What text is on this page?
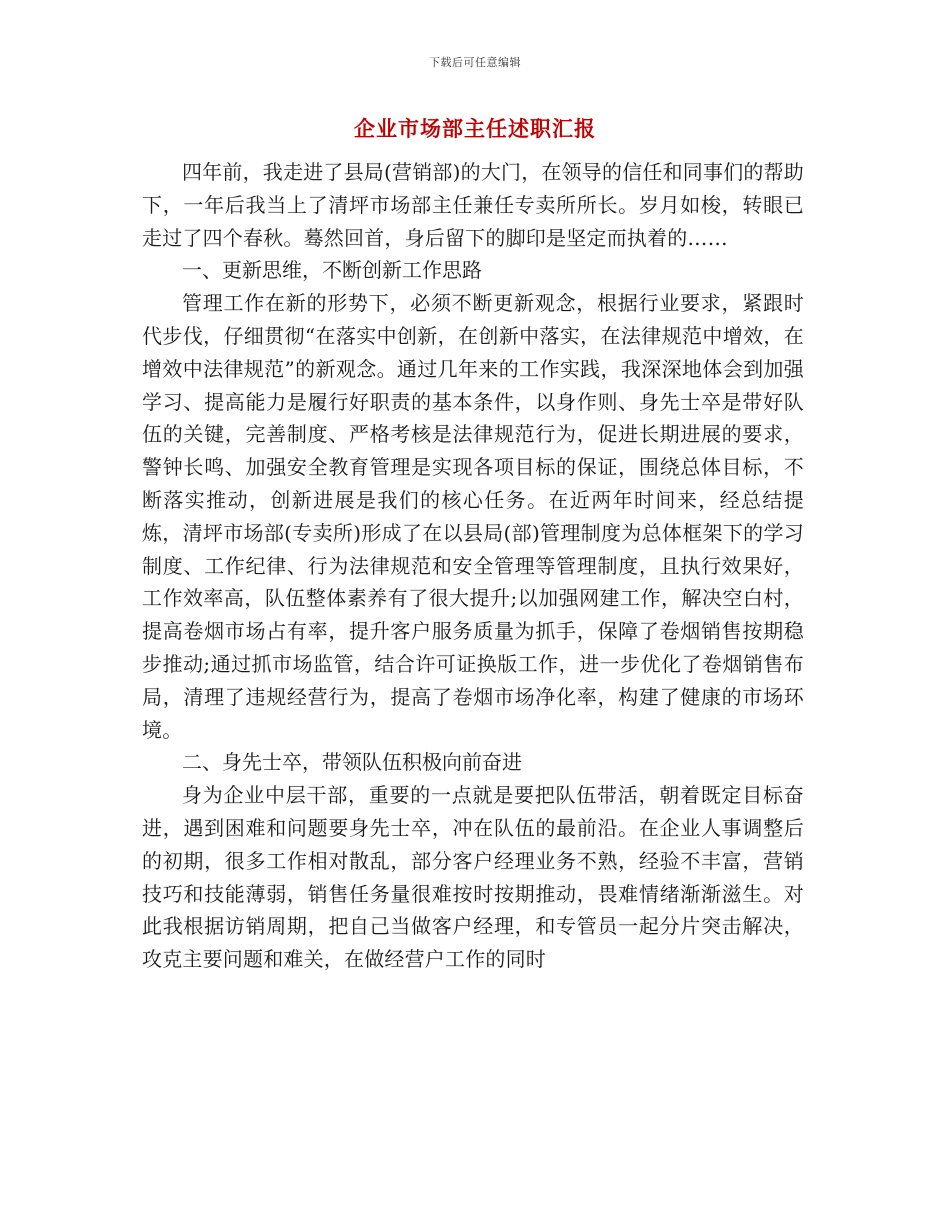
下载后可任意编辑
企业市场部主任述职汇报

四年前，我走进了县局(营销部)的大门，在领导的信任和同事们的帮助下，一年后我当上了清坪市场部主任兼任专卖所所长。岁月如梭，转眼已走过了四个春秋。蓦然回首，身后留下的脚印是坚定而执着的……

一、更新思维，不断创新工作思路

管理工作在新的形势下，必须不断更新观念，根据行业要求，紧跟时代步伐，仔细贯彻“在落实中创新，在创新中落实，在法律规范中增效，在增效中法律规范”的新观念。通过几年来的工作实践，我深深地体会到加强学习、提高能力是履行好职责的基本条件，以身作则、身先士卒是带好队伍的关键，完善制度、严格考核是法律规范行为，促进长期进展的要求，警钟长鸣、加强安全教育管理是实现各项目标的保证，围绕总体目标，不断落实推动，创新进展是我们的核心任务。在近两年时间来，经总结提炼，清坪市场部(专卖所)形成了在以县局(部)管理制度为总体框架下的学习制度、工作纪律、行为法律规范和安全管理等管理制度，且执行效果好，工作效率高，队伍整体素养有了很大提升;以加强网建工作，解决空白村，提高卷烟市场占有率，提升客户服务质量为抓手，保障了卷烟销售按期稳步推动;通过抓市场监管，结合许可证换版工作，进一步优化了卷烟销售布局，清理了违规经营行为，提高了卷烟市场净化率，构建了健康的市场环境。

二、身先士卒，带领队伍积极向前奋进

身为企业中层干部，重要的一点就是要把队伍带活，朝着既定目标奋进，遇到困难和问题要身先士卒，冲在队伍的最前沿。在企业人事调整后的初期，很多工作相对散乱，部分客户经理业务不熟，经验不丰富，营销技巧和技能薄弱，销售任务量很难按时按期推动，畏难情绪渐渐滋生。对此我根据访销周期，把自己当做客户经理，和专管员一起分片突击解决，攻克主要问题和难关，在做经营户工作的同时
